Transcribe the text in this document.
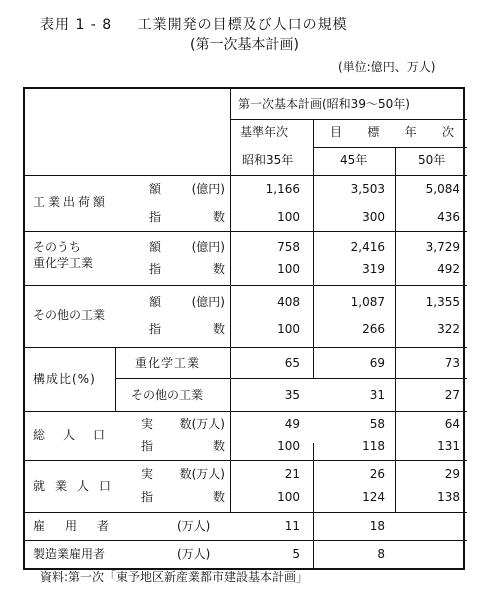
表用 1 - 8 工業開発の目標及び人口の規模
(第一次基本計画)
(単位:億円、万人)
第一次基本計画(昭和39～50年)
基準年次	目 標 年 次
昭和35年	45年	50年
工業出荷額
額	(億円)	1,166	3,503	5,084
指	数	100	300	436
そのうち
重化学工業
額	(億円)	758	2,416	3,729
指	数	100	319	492
その他の工業
額	(億円)	408	1,087	1,355
指	数	100	266	322
構成比(%)
重化学工業	65	69	73
その他の工業	35	31	27
総人口
実 数(万人)	49	58	64
指	数	100	118	131
就業人口
実 数(万人)	21	26	29
指	数	100	124	138
雇用者	(万人)	11	18
製造業雇用者	(万人)	5	8
資料:第一次「東予地区新産業都市建設基本計画」
